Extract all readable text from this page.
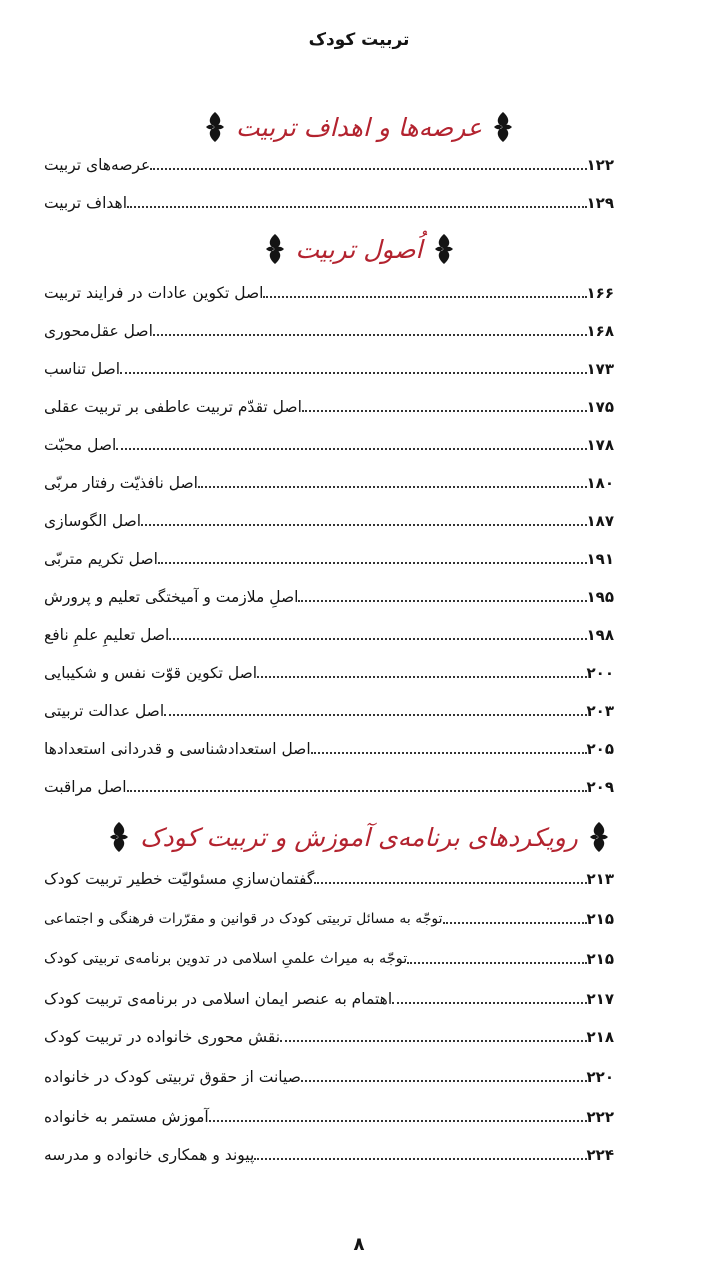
تربیت کودک
عرصه‌ها و اهداف تربیت
عرصه‌های تربیت	۱۲۲
اهداف تربیت	۱۲۹
اُصول تربیت
اصل تکوین عادات در فرایند تربیت	۱۶۶
اصل عقل‌محوری	۱۶۸
اصل تناسب	۱۷۳
اصل تقدّم تربیت عاطفی بر تربیت عقلی	۱۷۵
اصل محبّت	۱۷۸
اصل نافذیّت رفتار مربّی	۱۸۰
اصل الگوسازی	۱۸۷
اصل تکریم متربّی	۱۹۱
اصلِ ملازمت و آمیختگی تعلیم و پرورش	۱۹۵
اصل تعلیمِ علمِ نافع	۱۹۸
اصل تکوین قوّت نفس و شکیبایی	۲۰۰
اصل عدالت تربیتی	۲۰۳
اصل استعدادشناسی و قدردانی استعدادها	۲۰۵
اصل مراقبت	۲۰۹
رویکردهای برنامه‌ی آموزش و تربیت کودک
گفتمان‌سازیِ مسئولیّت خطیر تربیت کودک	۲۱۳
توجّه به مسائل تربیتی کودک در قوانین و مقرّرات فرهنگی و اجتماعی	۲۱۵
توجّه به میراث علمیِ اسلامی در تدوین برنامه‌ی تربیتی کودک	۲۱۵
اهتمام به عنصر ایمان اسلامی در برنامه‌ی تربیت کودک	۲۱۷
نقش محوری خانواده در تربیت کودک	۲۱۸
صیانت از حقوق تربیتی کودک در خانواده	۲۲۰
آموزش مستمر به خانواده	۲۲۲
پیوند و همکاری خانواده و مدرسه	۲۲۴
۸
